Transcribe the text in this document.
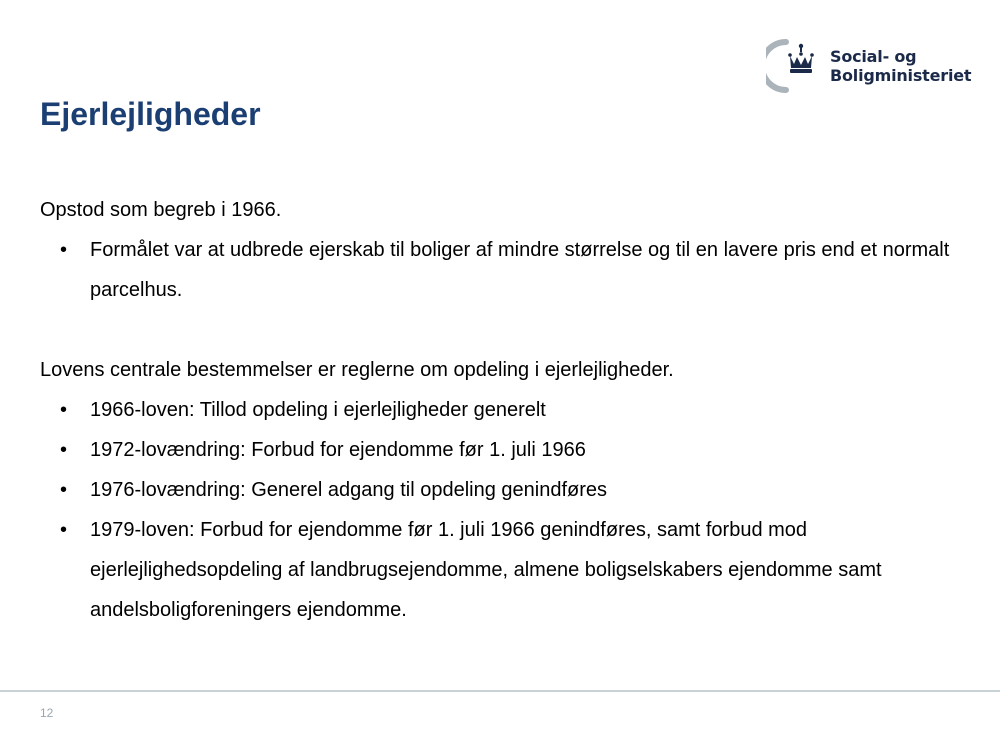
Social- og
Boligministeriet
Ejerlejligheder

Opstod som begreb i 1966.

• Formålet var at udbrede ejerskab til boliger af mindre størrelse og til en lavere pris end et normalt parcelhus.

Lovens centrale bestemmelser er reglerne om opdeling i ejerlejligheder.

• 1966-loven: Tillod opdeling i ejerlejligheder generelt
• 1972-lovændring: Forbud for ejendomme før 1. juli 1966
• 1976-lovændring: Generel adgang til opdeling genindføres
• 1979-loven: Forbud for ejendomme før 1. juli 1966 genindføres, samt forbud mod ejerlejlighedsopdeling af landbrugsejendomme, almene boligselskabers ejendomme samt andelsboligforeningers ejendomme.
12
